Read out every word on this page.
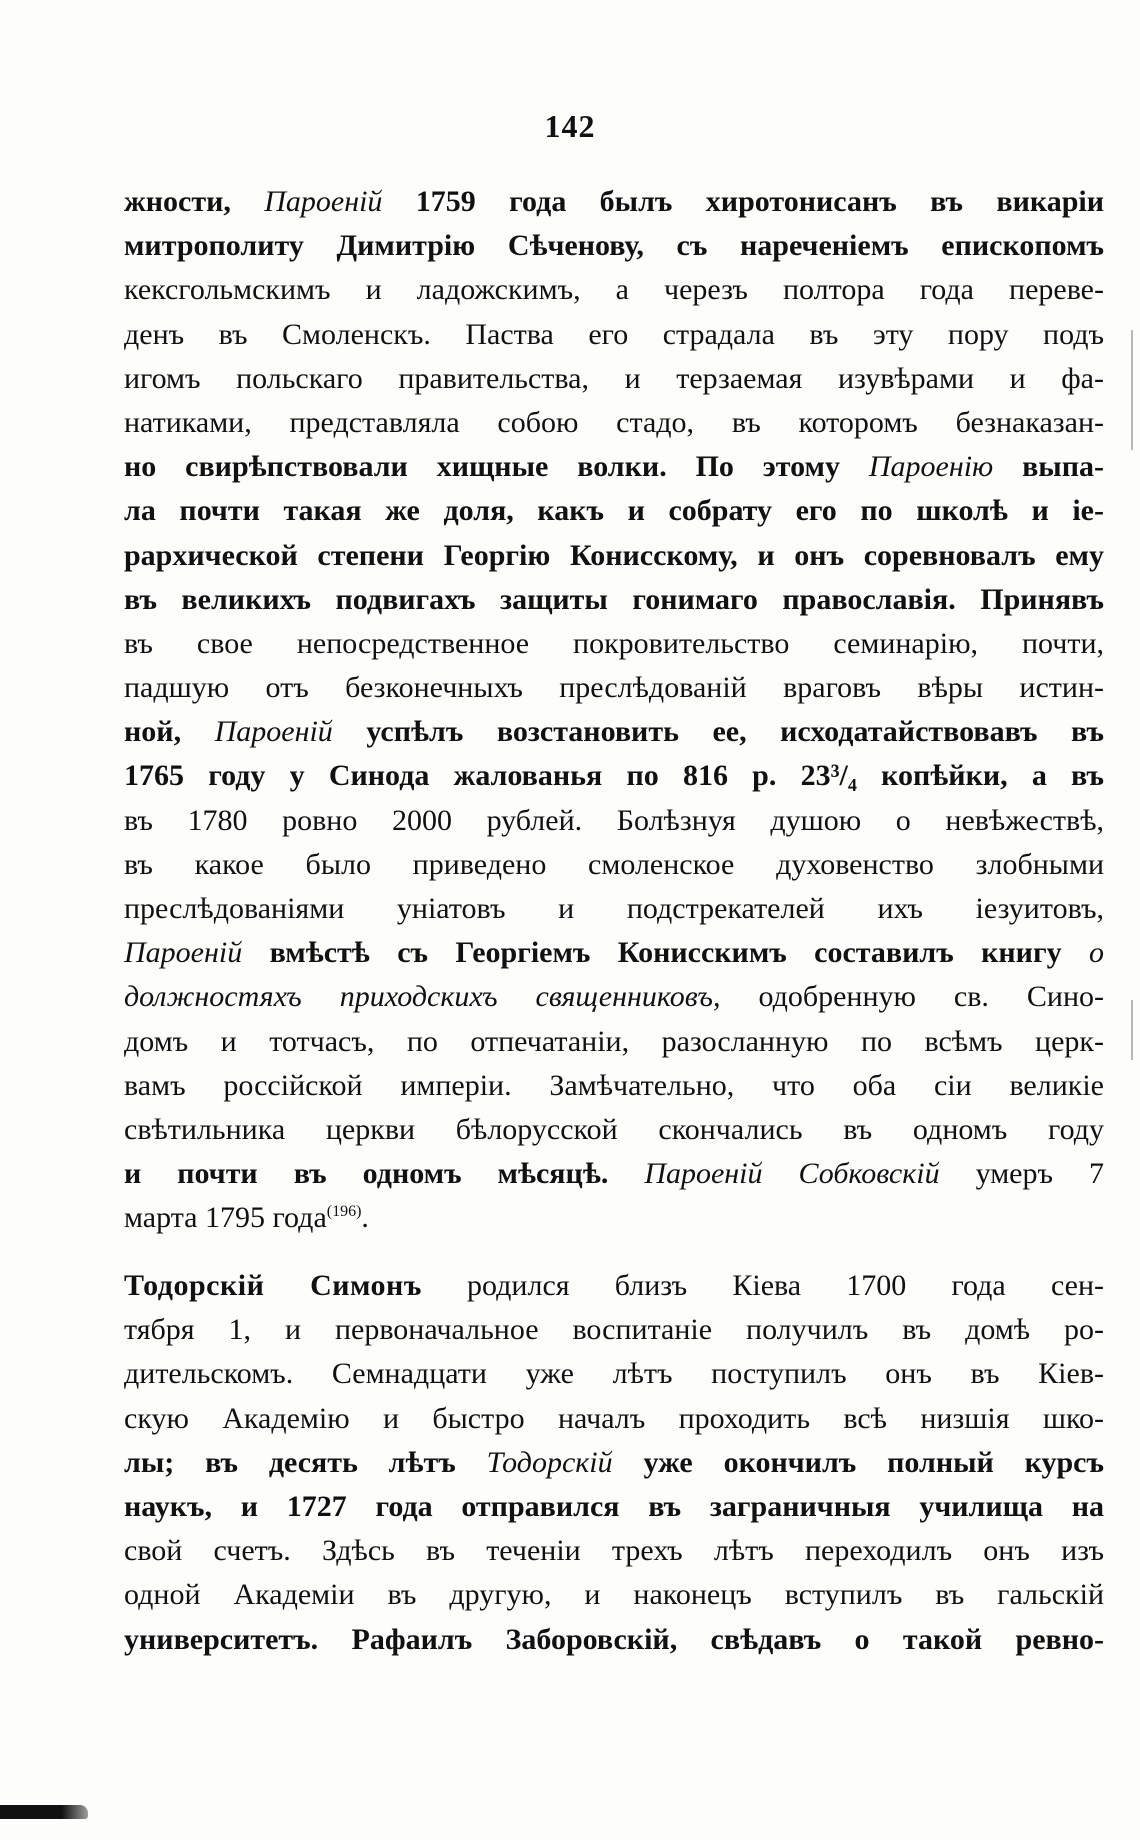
142
жности, Пароеній 1759 года былъ хиротонисанъ въ викаріи
митрополиту Димитрію Сѣченову, съ нареченіемъ епископомъ
кексгольмскимъ и ладожскимъ, а черезъ полтора года переве-
денъ въ Смоленскъ. Паства его страдала въ эту пору подъ
игомъ польскаго правительства, и терзаемая изувѣрами и фа-
натиками, представляла собою стадо, въ которомъ безнаказан-
но свирѣпствовали хищные волки. По этому Пароенію выпа-
ла почти такая же доля, какъ и собрату его по школѣ и іе-
рархической степени Георгію Конисскому, и онъ соревновалъ ему
въ великихъ подвигахъ защиты гонимаго православія. Принявъ
въ свое непосредственное покровительство семинарію, почти,
падшую отъ безконечныхъ преслѣдованій враговъ вѣры истин-
ной, Пароеній успѣлъ возстановить ее, исходатайствовавъ въ
1765 году у Синода жалованья по 816 р. 23³/₄ копѣйки, а въ
въ 1780 ровно 2000 рублей. Болѣзнуя душою о невѣжествѣ,
въ какое было приведено смоленское духовенство злобными
преслѣдованіями уніатовъ и подстрекателей ихъ іезуитовъ,
Пароеній вмѣстѣ съ Георгіемъ Конисскимъ составилъ книгу о
должностяхъ приходскихъ священниковъ, одобренную св. Сино-
домъ и тотчасъ, по отпечатаніи, разосланную по всѣмъ церк-
вамъ россійской имперіи. Замѣчательно, что оба сіи великіе
свѣтильника церкви бѣлорусской скончались въ одномъ году
и почти въ одномъ мѣсяцѣ. Пароеній Собковскій умеръ 7
марта 1795 года$^{(196)}$.
Тодорскій Симонъ родился близъ Кіева 1700 года сен-
тября 1, и первоначальное воспитаніе получилъ въ домѣ ро-
дительскомъ. Семнадцати уже лѣтъ поступилъ онъ въ Кіев-
скую Академію и быстро началъ проходить всѣ низшія шко-
лы; въ десять лѣтъ Тодорскій уже окончилъ полный курсъ
наукъ, и 1727 года отправился въ заграничныя училища на
свой счетъ. Здѣсь въ теченіи трехъ лѣтъ переходилъ онъ изъ
одной Академіи въ другую, и наконецъ вступилъ въ гальскій
университетъ. Рафаилъ Заборовскій, свѣдавъ о такой ревно-
